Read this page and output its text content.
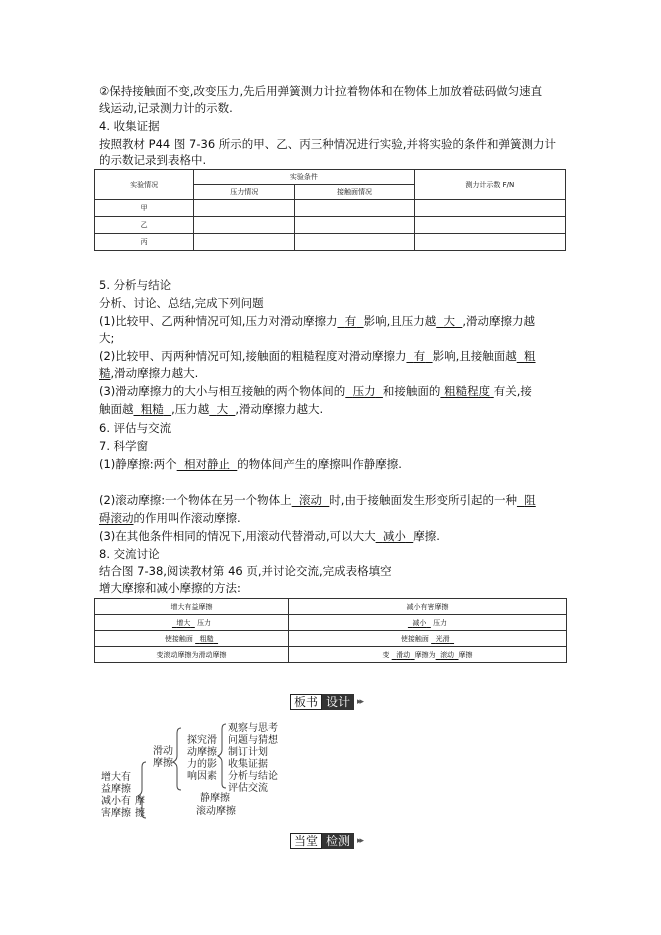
②保持接触面不变,改变压力,先后用弹簧测力计拉着物体和在物体上加放着砝码做匀速直
线运动,记录测力计的示数.
4. 收集证据
按照教材 P44 图 7-36 所示的甲、乙、丙三种情况进行实验,并将实验的条件和弹簧测力计
的示数记录到表格中.
实验情况	实验条件		测力计示数 F/N
	压力情况	接触面情况	
甲			
乙			
丙			
5. 分析与结论
分析、讨论、总结,完成下列问题
(1)比较甲、乙两种情况可知,压力对滑动摩擦力 有 影响,且压力越 大 ,滑动摩擦力越
大;
(2)比较甲、丙两种情况可知,接触面的粗糙程度对滑动摩擦力 有 影响,且接触面越 粗
糙,滑动摩擦力越大.
(3)滑动摩擦力的大小与相互接触的两个物体间的 压力 和接触面的 粗糙程度 有关,接
触面越 粗糙 ,压力越 大 ,滑动摩擦力越大.
6. 评估与交流
7. 科学窗
(1)静摩擦:两个 相对静止 的物体间产生的摩擦叫作静摩擦.
(2)滚动摩擦:一个物体在另一个物体上 滚动 时,由于接触面发生形变所引起的一种 阻
碍滚动的作用叫作滚动摩擦.
(3)在其他条件相同的情况下,用滚动代替滑动,可以大大 减小 摩擦.
8. 交流讨论
结合图 7-38,阅读教材第 46 页,并讨论交流,完成表格填空
增大摩擦和减小摩擦的方法:
增大有益摩擦	减小有害摩擦
增大 压力	减小 压力
使接触面 粗糙	使接触面 光滑
变滚动摩擦为滑动摩擦	变 滑动 摩擦为 滚动 摩擦
板书 设计 ▸▸
增大有
益摩擦
减小有
害摩擦
摩
擦
滑动
摩擦
探究滑
动摩擦
力的影
响因素
观察与思考
问题与猜想
制订计划
收集证据
分析与结论
评估交流
静摩擦
滚动摩擦
当堂 检测 ▸▸
